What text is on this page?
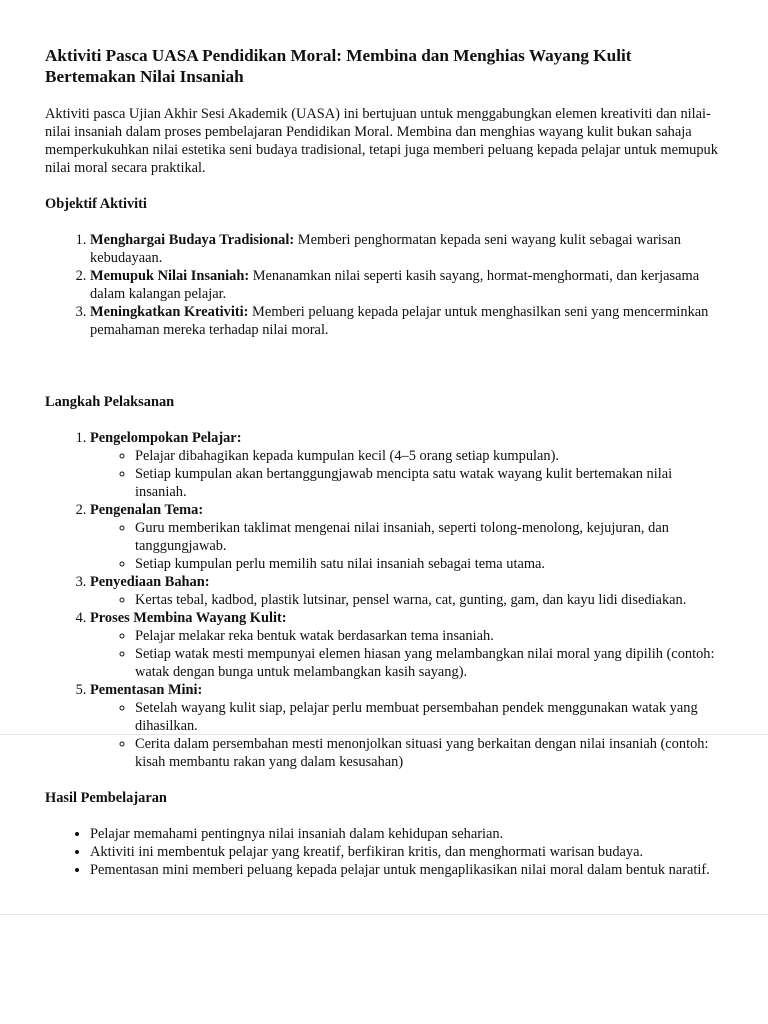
Aktiviti Pasca UASA Pendidikan Moral: Membina dan Menghias Wayang Kulit Bertemakan Nilai Insaniah

Aktiviti pasca Ujian Akhir Sesi Akademik (UASA) ini bertujuan untuk menggabungkan elemen kreativiti dan nilai-nilai insaniah dalam proses pembelajaran Pendidikan Moral. Membina dan menghias wayang kulit bukan sahaja memperkukuhkan nilai estetika seni budaya tradisional, tetapi juga memberi peluang kepada pelajar untuk memupuk nilai moral secara praktikal.

Objektif Aktiviti
1. Menghargai Budaya Tradisional: Memberi penghormatan kepada seni wayang kulit sebagai warisan kebudayaan.
2. Memupuk Nilai Insaniah: Menanamkan nilai seperti kasih sayang, hormat-menghormati, dan kerjasama dalam kalangan pelajar.
3. Meningkatkan Kreativiti: Memberi peluang kepada pelajar untuk menghasilkan seni yang mencerminkan pemahaman mereka terhadap nilai moral.
Langkah Pelaksanan
1. Pengelompokan Pelajar:
◦ Pelajar dibahagikan kepada kumpulan kecil (4–5 orang setiap kumpulan).
◦ Setiap kumpulan akan bertanggungjawab mencipta satu watak wayang kulit bertemakan nilai insaniah.
2. Pengenalan Tema:
◦ Guru memberikan taklimat mengenai nilai insaniah, seperti tolong-menolong, kejujuran, dan tanggungjawab.
◦ Setiap kumpulan perlu memilih satu nilai insaniah sebagai tema utama.
3. Penyediaan Bahan:
◦ Kertas tebal, kadbod, plastik lutsinar, pensel warna, cat, gunting, gam, dan kayu lidi disediakan.
4. Proses Membina Wayang Kulit:
◦ Pelajar melakar reka bentuk watak berdasarkan tema insaniah.
◦ Setiap watak mesti mempunyai elemen hiasan yang melambangkan nilai moral yang dipilih (contoh: watak dengan bunga untuk melambangkan kasih sayang).
5. Pementasan Mini:
◦ Setelah wayang kulit siap, pelajar perlu membuat persembahan pendek menggunakan watak yang dihasilkan.
◦ Cerita dalam persembahan mesti menonjolkan situasi yang berkaitan dengan nilai insaniah (contoh: kisah membantu rakan yang dalam kesusahan)
Hasil Pembelajaran
• Pelajar memahami pentingnya nilai insaniah dalam kehidupan seharian.
• Aktiviti ini membentuk pelajar yang kreatif, berfikiran kritis, dan menghormati warisan budaya.
• Pementasan mini memberi peluang kepada pelajar untuk mengaplikasikan nilai moral dalam bentuk naratif.
